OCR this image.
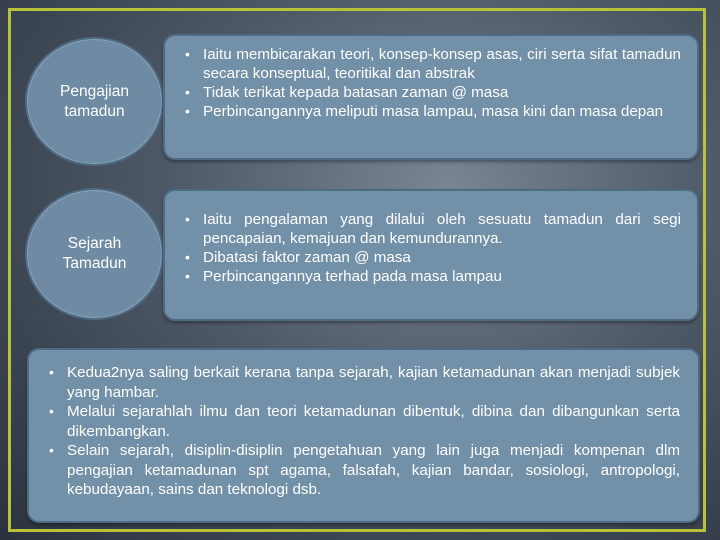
Pengajian
tamadun
Sejarah
Tamadun
• Iaitu membicarakan teori, konsep-konsep asas, ciri serta sifat tamadun secara konseptual, teoritikal dan abstrak
• Tidak terikat kepada batasan zaman @ masa
• Perbincangannya meliputi masa lampau, masa kini dan masa depan
• Iaitu pengalaman yang dilalui oleh sesuatu tamadun dari segi pencapaian, kemajuan dan kemundurannya.
• Dibatasi faktor zaman @ masa
• Perbincangannya terhad pada masa lampau
• Kedua2nya saling berkait kerana tanpa sejarah, kajian ketamadunan akan menjadi subjek yang hambar.
• Melalui sejarahlah ilmu dan teori ketamadunan dibentuk, dibina dan dibangunkan serta dikembangkan.
• Selain sejarah, disiplin-disiplin pengetahuan yang lain juga menjadi kompenan dlm pengajian ketamadunan spt agama, falsafah, kajian bandar, sosiologi, antropologi, kebudayaan, sains dan teknologi dsb.
